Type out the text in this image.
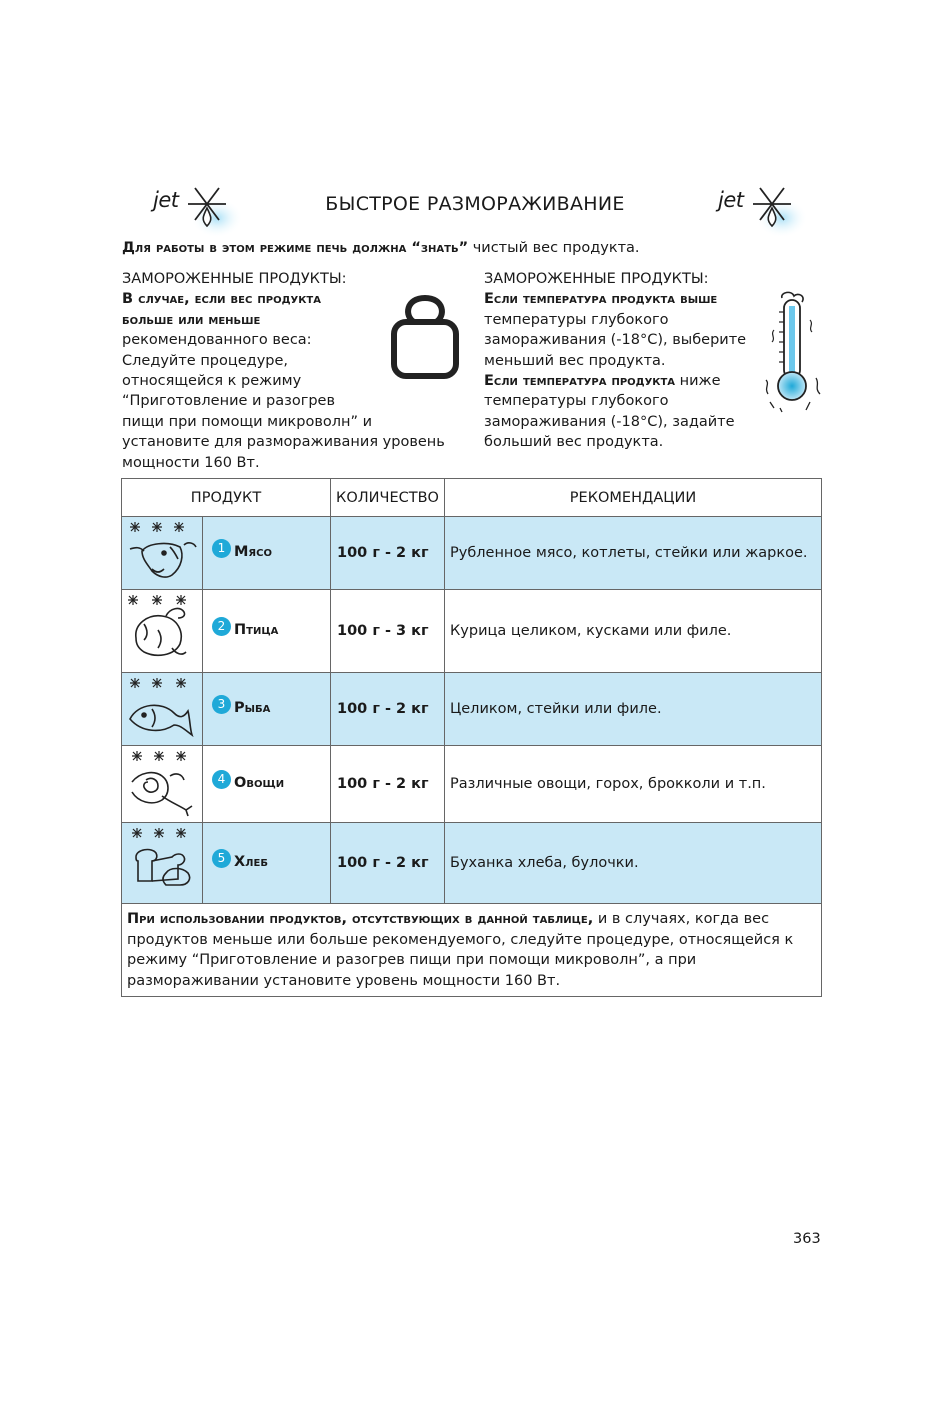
jet	БЫСТРОЕ РАЗМОРАЖИВАНИЕ	jet
Для работы в этом режиме печь должна “знать” чистый вес продукта.
ЗАМОРОЖЕННЫЕ ПРОДУКТЫ:
В случае, если вес продукта больше или меньше рекомендованного веса: Следуйте процедуре, относящейся к режиму “Приготовление и разогрев пищи при помощи микроволн” и установите для размораживания уровень мощности 160 Вт.
ЗАМОРОЖЕННЫЕ ПРОДУКТЫ:
Если температура продукта выше температуры глубокого замораживания (-18°C), выберите меньший вес продукта.
Если температура продукта ниже температуры глубокого замораживания (-18°C), задайте больший вес продукта.
ПРОДУКТ		КОЛИЧЕСТВО	РЕКОМЕНДАЦИИ
	1 Мясо	100 г - 2 кг	Рубленное мясо, котлеты, стейки или жаркое.
	2 Птица	100 г - 3 кг	Курица целиком, кусками или филе.
	3 Рыба	100 г - 2 кг	Целиком, стейки или филе.
	4 Овощи	100 г - 2 кг	Различные овощи, горох, брокколи и т.п.
	5 Хлеб	100 г - 2 кг	Буханка хлеба, булочки.
При использовании продуктов, отсутствующих в данной таблице, и в случаях, когда вес продуктов меньше или больше рекомендуемого, следуйте процедуре, относящейся к режиму “Приготовление и разогрев пищи при помощи микроволн”, а при размораживании установите уровень мощности 160 Вт.			
363
